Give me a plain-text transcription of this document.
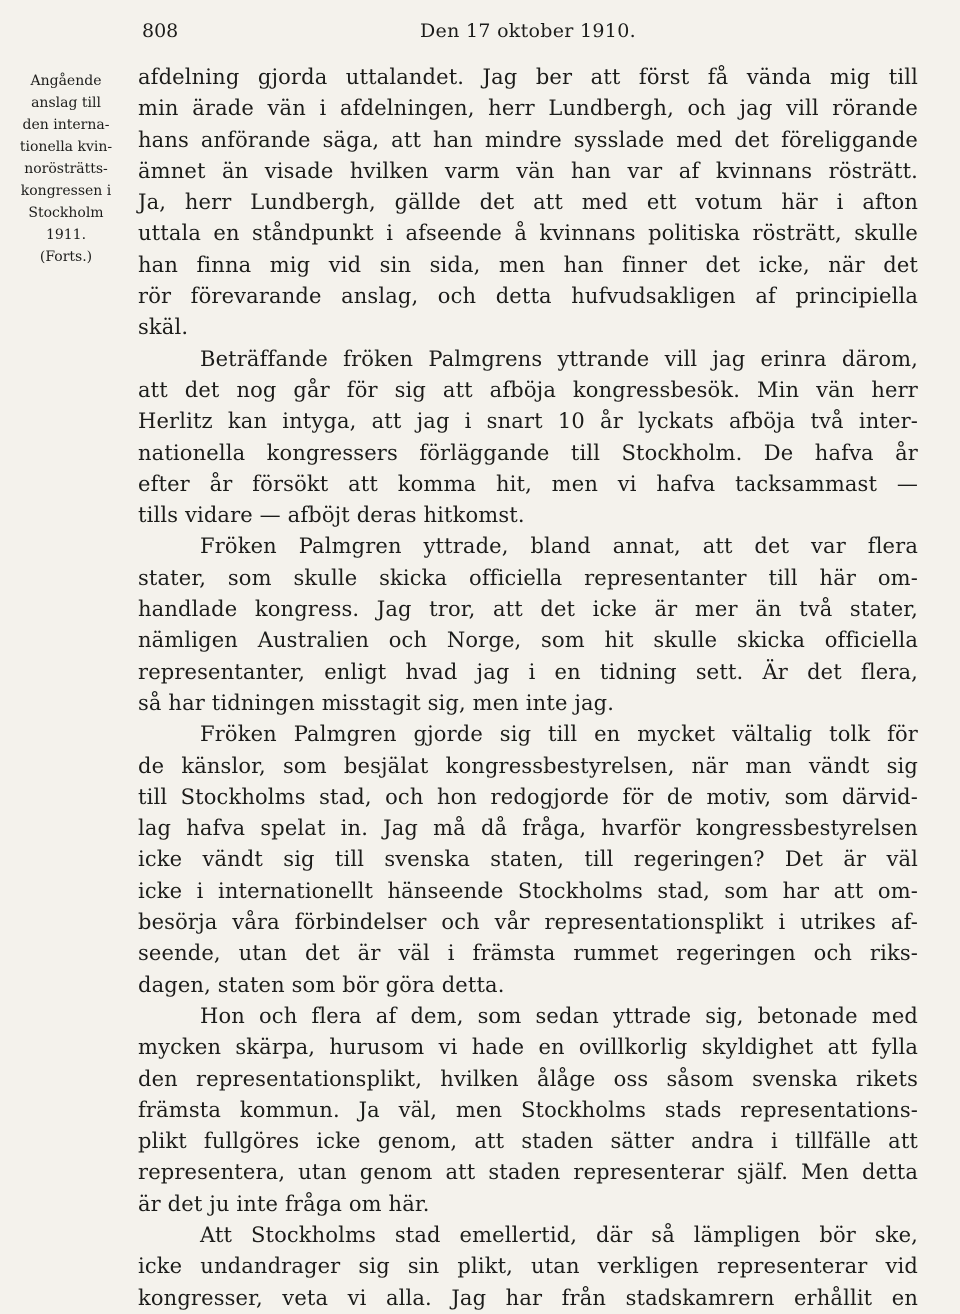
808	Den 17 oktober 1910.
Angående
anslag till
den interna-
tionella kvin-
norösträtts-
kongressen i
Stockholm
1911.
(Forts.)
afdelning gjorda uttalandet. Jag ber att först få vända mig till
min ärade vän i afdelningen, herr Lundbergh, och jag vill rörande
hans anförande säga, att han mindre sysslade med det föreliggande
ämnet än visade hvilken varm vän han var af kvinnans rösträtt.
Ja, herr Lundbergh, gällde det att med ett votum här i afton
uttala en ståndpunkt i afseende å kvinnans politiska rösträtt, skulle
han finna mig vid sin sida, men han finner det icke, när det
rör förevarande anslag, och detta hufvudsakligen af principiella
skäl.
Beträffande fröken Palmgrens yttrande vill jag erinra därom,
att det nog går för sig att afböja kongressbesök. Min vän herr
Herlitz kan intyga, att jag i snart 10 år lyckats afböja två inter-
nationella kongressers förläggande till Stockholm. De hafva år
efter år försökt att komma hit, men vi hafva tacksammast —
tills vidare — afböjt deras hitkomst.
Fröken Palmgren yttrade, bland annat, att det var flera
stater, som skulle skicka officiella representanter till här om-
handlade kongress. Jag tror, att det icke är mer än två stater,
nämligen Australien och Norge, som hit skulle skicka officiella
representanter, enligt hvad jag i en tidning sett. Är det flera,
så har tidningen misstagit sig, men inte jag.
Fröken Palmgren gjorde sig till en mycket vältalig tolk för
de känslor, som besjälat kongressbestyrelsen, när man vändt sig
till Stockholms stad, och hon redogjorde för de motiv, som därvid-
lag hafva spelat in. Jag må då fråga, hvarför kongressbestyrelsen
icke vändt sig till svenska staten, till regeringen? Det är väl
icke i internationellt hänseende Stockholms stad, som har att om-
besörja våra förbindelser och vår representationsplikt i utrikes af-
seende, utan det är väl i främsta rummet regeringen och riks-
dagen, staten som bör göra detta.
Hon och flera af dem, som sedan yttrade sig, betonade med
mycken skärpa, hurusom vi hade en ovillkorlig skyldighet att fylla
den representationsplikt, hvilken ålåge oss såsom svenska rikets
främsta kommun. Ja väl, men Stockholms stads representations-
plikt fullgöres icke genom, att staden sätter andra i tillfälle att
representera, utan genom att staden representerar själf. Men detta
är det ju inte fråga om här.
Att Stockholms stad emellertid, där så lämpligen bör ske,
icke undandrager sig sin plikt, utan verkligen representerar vid
kongresser, veta vi alla. Jag har från stadskamrern erhållit en
